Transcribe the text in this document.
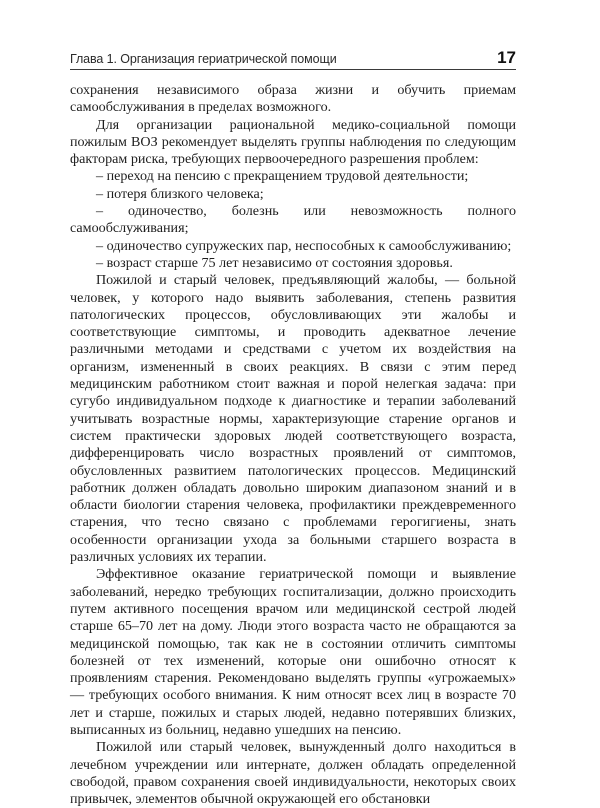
Глава 1. Организация гериатрической помощи	17

сохранения независимого образа жизни и обучить приемам самообслуживания в пределах возможного.

Для организации рациональной медико-социальной помощи пожилым ВОЗ рекомендует выделять группы наблюдения по следующим факторам риска, требующих первоочередного разрешения проблем:

– переход на пенсию с прекращением трудовой деятельности;
– потеря близкого человека;
– одиночество, болезнь или невозможность полного самообслуживания;
– одиночество супружеских пар, неспособных к самообслуживанию;
– возраст старше 75 лет независимо от состояния здоровья.

Пожилой и старый человек, предъявляющий жалобы, — больной человек, у которого надо выявить заболевания, степень развития патологических процессов, обусловливающих эти жалобы и соответствующие симптомы, и проводить адекватное лечение различными методами и средствами с учетом их воздействия на организм, измененный в своих реакциях. В связи с этим перед медицинским работником стоит важная и порой нелегкая задача: при сугубо индивидуальном подходе к диагностике и терапии заболеваний учитывать возрастные нормы, характеризующие старение органов и систем практически здоровых людей соответствующего возраста, дифференцировать число возрастных проявлений от симптомов, обусловленных развитием патологических процессов. Медицинский работник должен обладать довольно широким диапазоном знаний и в области биологии старения человека, профилактики преждевременного старения, что тесно связано с проблемами герогигиены, знать особенности организации ухода за больными старшего возраста в различных условиях их терапии.

Эффективное оказание гериатрической помощи и выявление заболеваний, нередко требующих госпитализации, должно происходить путем активного посещения врачом или медицинской сестрой людей старше 65–70 лет на дому. Люди этого возраста часто не обращаются за медицинской помощью, так как не в состоянии отличить симптомы болезней от тех изменений, которые они ошибочно относят к проявлениям старения. Рекомендовано выделять группы «угрожаемых» — требующих особого внимания. К ним относят всех лиц в возрасте 70 лет и старше, пожилых и старых людей, недавно потерявших близких, выписанных из больниц, недавно ушедших на пенсию.

Пожилой или старый человек, вынужденный долго находиться в лечебном учреждении или интернате, должен обладать определенной свободой, правом сохранения своей индивидуальности, некоторых своих привычек, элементов обычной окружающей его обстановки
